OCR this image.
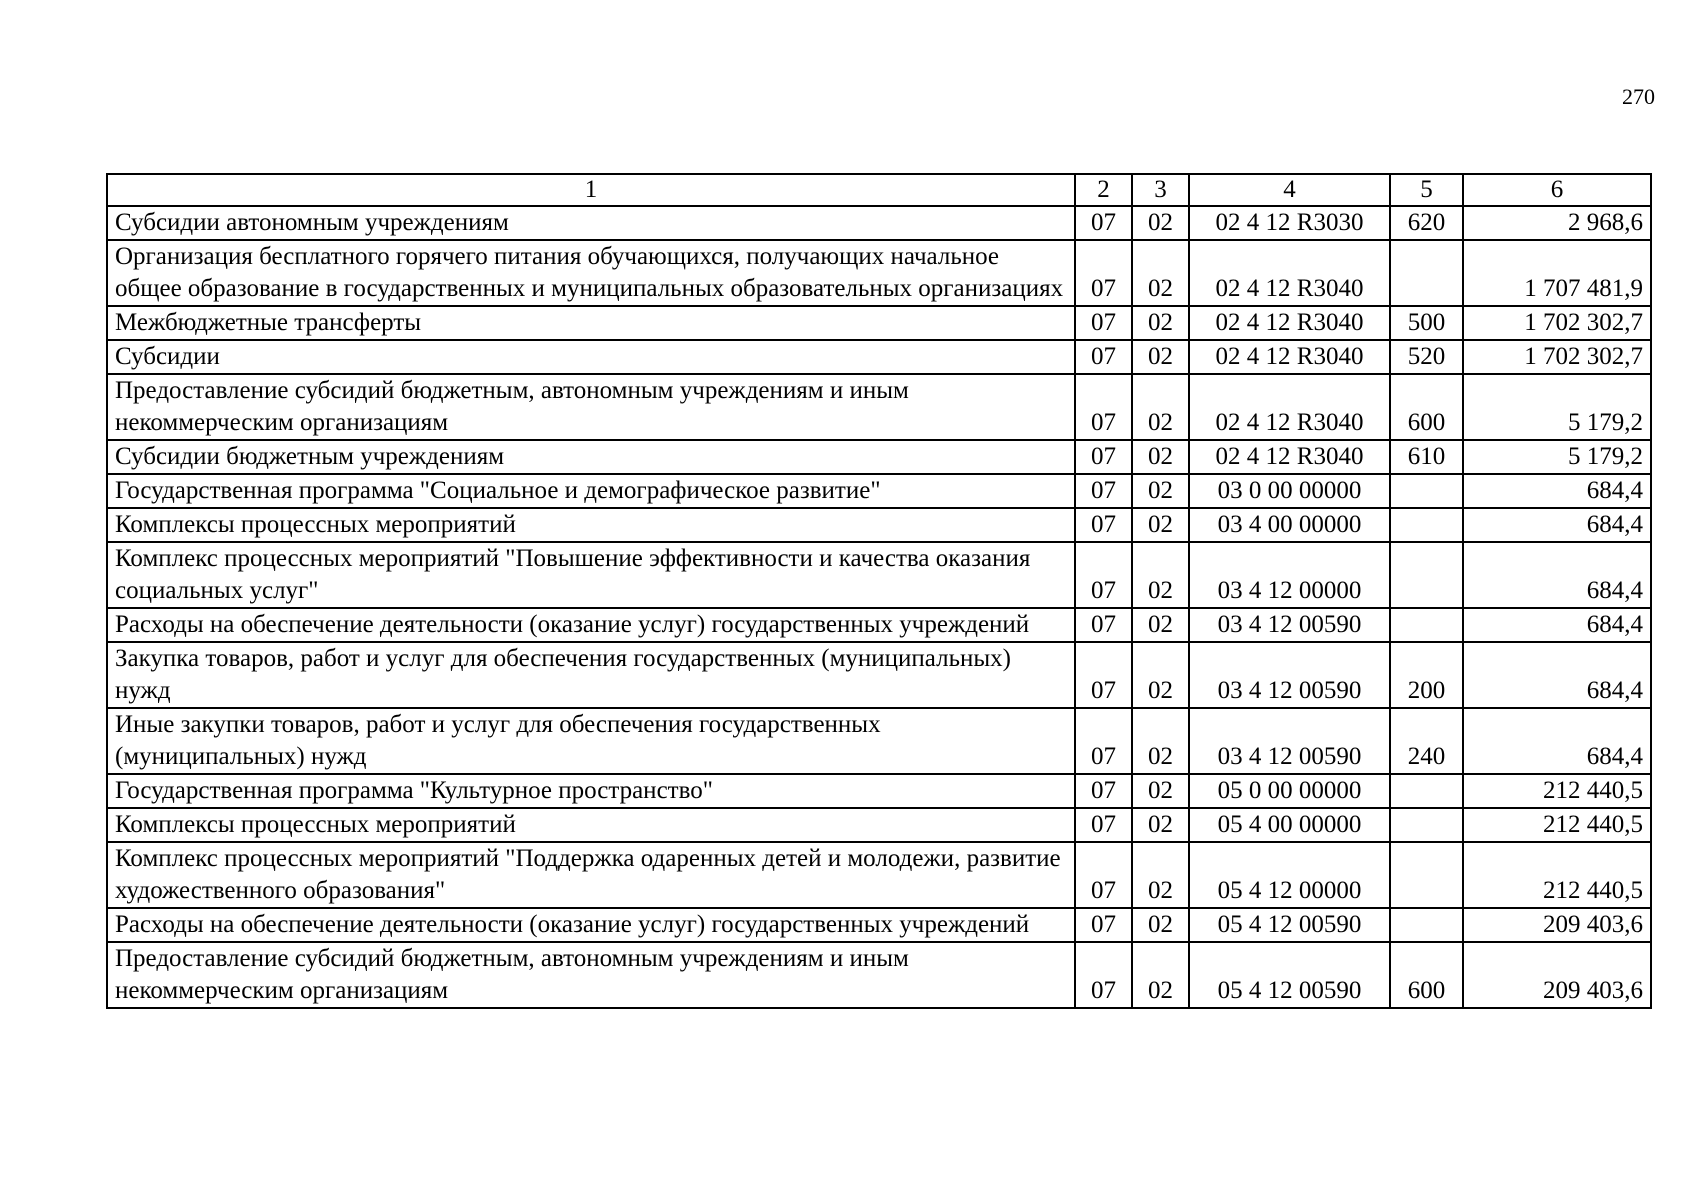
270
1	2	3	4	5	6
Субсидии автономным учреждениям	07	02	02 4 12 R3030	620	2 968,6
Организация бесплатного горячего питания обучающихся, получающих начальное общее образование в государственных и муниципальных образовательных организациях	07	02	02 4 12 R3040		1 707 481,9
Межбюджетные трансферты	07	02	02 4 12 R3040	500	1 702 302,7
Субсидии	07	02	02 4 12 R3040	520	1 702 302,7
Предоставление субсидий бюджетным, автономным учреждениям и иным некоммерческим организациям	07	02	02 4 12 R3040	600	5 179,2
Субсидии бюджетным учреждениям	07	02	02 4 12 R3040	610	5 179,2
Государственная программа "Социальное и демографическое развитие"	07	02	03 0 00 00000		684,4
Комплексы процессных мероприятий	07	02	03 4 00 00000		684,4
Комплекс процессных мероприятий "Повышение эффективности и качества оказания социальных услуг"	07	02	03 4 12 00000		684,4
Расходы на обеспечение деятельности (оказание услуг) государственных учреждений	07	02	03 4 12 00590		684,4
Закупка товаров, работ и услуг для обеспечения государственных (муниципальных) нужд	07	02	03 4 12 00590	200	684,4
Иные закупки товаров, работ и услуг для обеспечения государственных (муниципальных) нужд	07	02	03 4 12 00590	240	684,4
Государственная программа "Культурное пространство"	07	02	05 0 00 00000		212 440,5
Комплексы процессных мероприятий	07	02	05 4 00 00000		212 440,5
Комплекс процессных мероприятий "Поддержка одаренных детей и молодежи, развитие художественного образования"	07	02	05 4 12 00000		212 440,5
Расходы на обеспечение деятельности (оказание услуг) государственных учреждений	07	02	05 4 12 00590		209 403,6
Предоставление субсидий бюджетным, автономным учреждениям и иным некоммерческим организациям	07	02	05 4 12 00590	600	209 403,6
